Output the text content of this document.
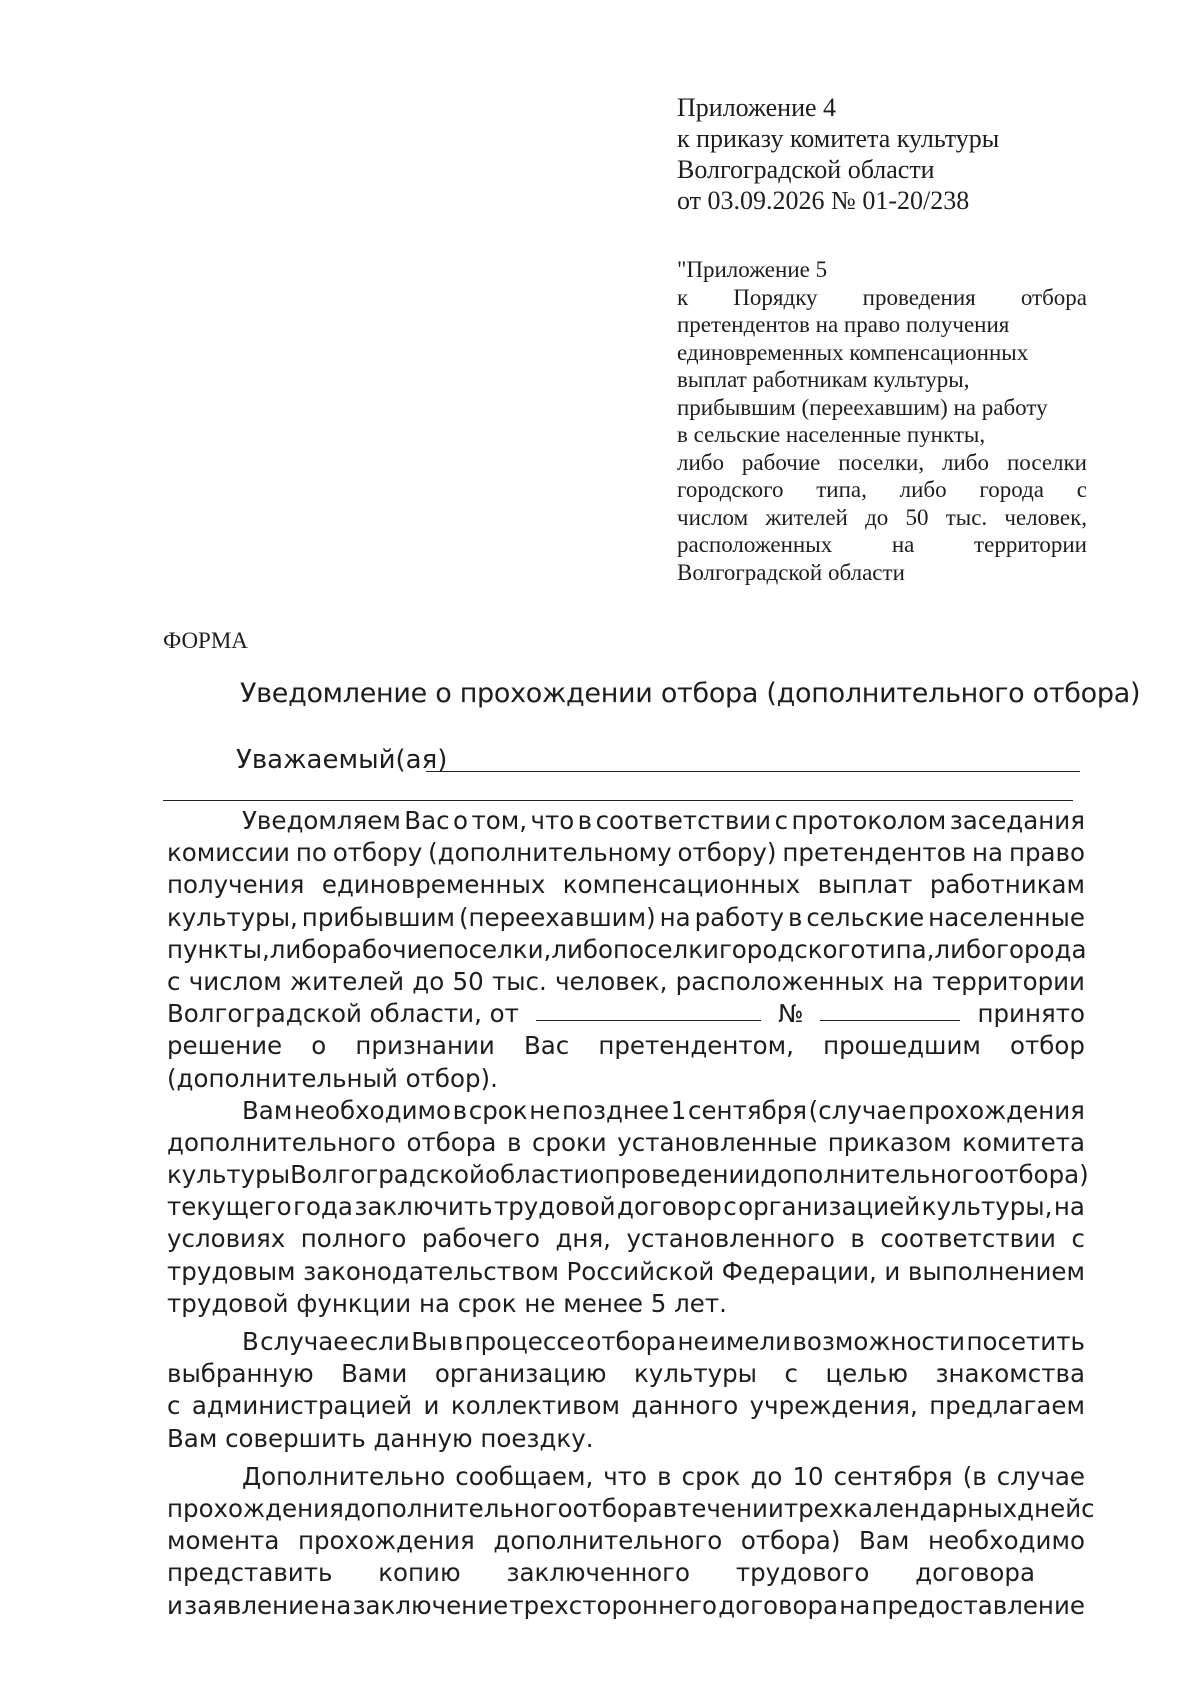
Приложение 4
к приказу комитета культуры
Волгоградской области
от 03.09.2026 № 01-20/238
"Приложение 5
к Порядку проведения отбора
претендентов на право получения
единовременных компенсационных
выплат работникам культуры,
прибывшим (переехавшим) на работу
в сельские населенные пункты,
либо рабочие поселки, либо поселки
городского типа, либо города с
числом жителей до 50 тыс. человек,
расположенных на территории
Волгоградской области
ФОРМА
Уведомление о прохождении отбора (дополнительного отбора)
Уважаемый(ая)
Уведомляем Вас о том, что в соответствии с протоколом заседания
комиссии по отбору (дополнительному отбору) претендентов на право
получения единовременных компенсационных выплат работникам
культуры, прибывшим (переехавшим) на работу в сельские населенные
пункты, либо рабочие поселки, либо поселки городского типа, либо города
с числом жителей до 50 тыс. человек, расположенных на территории
Волгоградской области, от	№	принято
решение о признании Вас претендентом, прошедшим отбор
(дополнительный отбор).
Вам необходимо в срок не позднее 1 сентября (случае прохождения
дополнительного отбора в сроки установленные приказом комитета
культуры Волгоградской области о проведении дополнительного отбора)
текущего года заключить трудовой договор с организацией культуры, на
условиях полного рабочего дня, установленного в соответствии с
трудовым законодательством Российской Федерации, и выполнением
трудовой функции на срок не менее 5 лет.
В случае если Вы в процессе отбора не имели возможности посетить
выбранную Вами организацию культуры с целью знакомства
с администрацией и коллективом данного учреждения, предлагаем
Вам совершить данную поездку.
Дополнительно сообщаем, что в срок до 10 сентября (в случае
прохождения дополнительного отбора в течении трех календарных дней с
момента прохождения дополнительного отбора) Вам необходимо
представить копию заключенного трудового договора
и заявление на заключение трехстороннего договора на предоставление
